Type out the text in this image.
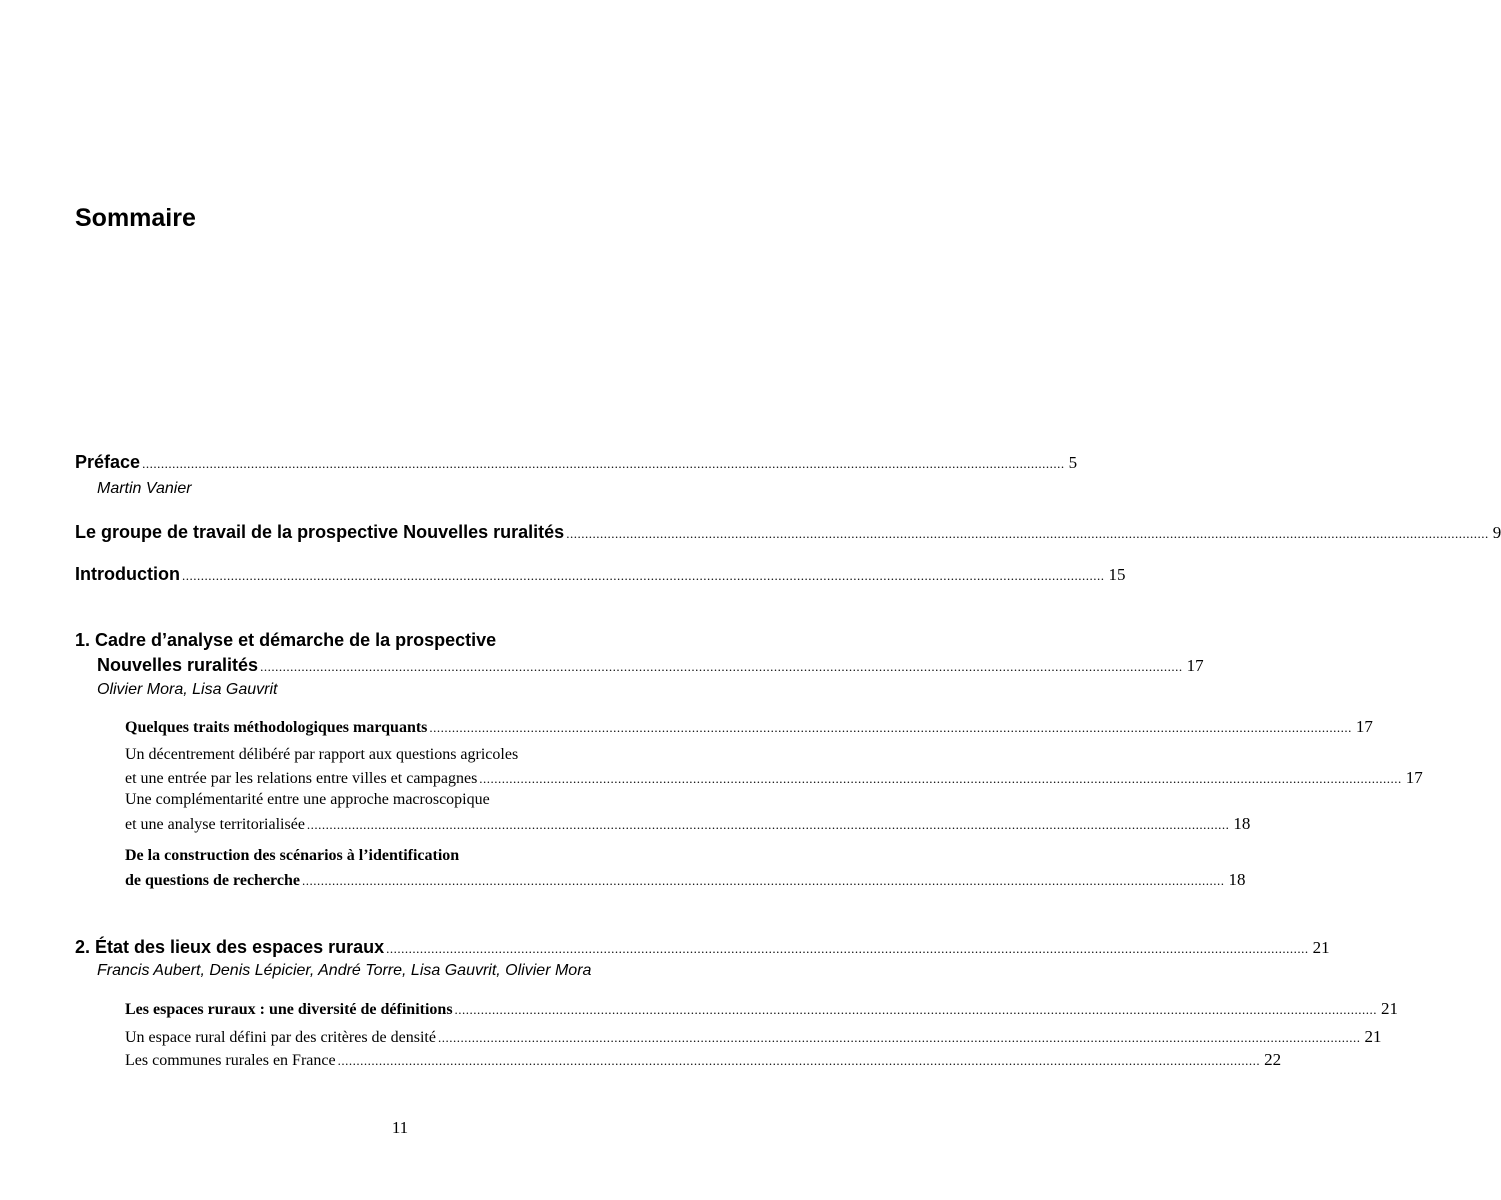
Sommaire
Préface ...................................................................................................................................................................................................................................................... 5
Martin Vanier
Le groupe de travail de la prospective Nouvelles ruralités ...................................................................................................................................................................................................................................................... 9
Introduction ...................................................................................................................................................................................................................................................... 15
1. Cadre d’analyse et démarche de la prospective
Nouvelles ruralités ...................................................................................................................................................................................................................................................... 17
Olivier Mora, Lisa Gauvrit
Quelques traits méthodologiques marquants ...................................................................................................................................................................................................................................................... 17
Un décentrement délibéré par rapport aux questions agricoles
et une entrée par les relations entre villes et campagnes ...................................................................................................................................................................................................................................................... 17
Une complémentarité entre une approche macroscopique
et une analyse territorialisée ...................................................................................................................................................................................................................................................... 18
De la construction des scénarios à l’identification
de questions de recherche ...................................................................................................................................................................................................................................................... 18
2. État des lieux des espaces ruraux ...................................................................................................................................................................................................................................................... 21
Francis Aubert, Denis Lépicier, André Torre, Lisa Gauvrit, Olivier Mora
Les espaces ruraux : une diversité de définitions ...................................................................................................................................................................................................................................................... 21
Un espace rural défini par des critères de densité ...................................................................................................................................................................................................................................................... 21
Les communes rurales en France ...................................................................................................................................................................................................................................................... 22
11
